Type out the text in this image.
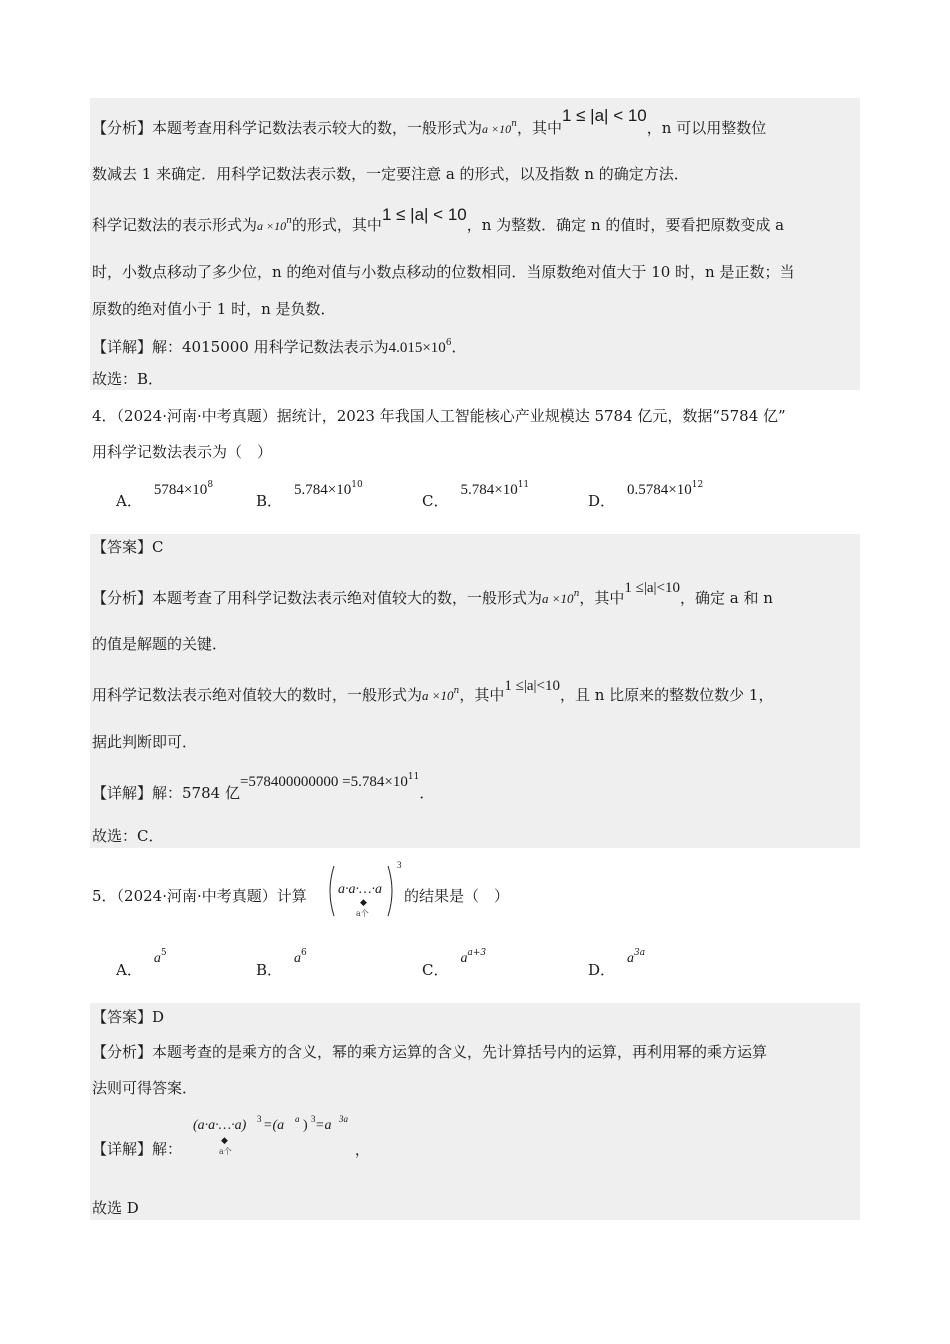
【分析】本题考查用科学记数法表示较大的数，一般形式为$a \times 10^n$，其中1 ≤ |a| < 10，n 可以用整数位
数减去 1 来确定．用科学记数法表示数，一定要注意 a 的形式，以及指数 n 的确定方法．
科学记数法的表示形式为$a \times 10^n$的形式，其中1 ≤ |a| < 10，n 为整数．确定 n 的值时，要看把原数变成 a
时，小数点移动了多少位，n 的绝对值与小数点移动的位数相同．当原数绝对值大于 10 时，n 是正数；当
原数的绝对值小于 1 时，n 是负数．
【详解】解：4015000 用科学记数法表示为$4.015\times 10^6$．
故选：B．
4．（2024·河南·中考真题）据统计，2023 年我国人工智能核心产业规模达 5784 亿元，数据“5784 亿”
用科学记数法表示为（　）
A．$5784\times 10^8$
B．$5.784\times 10^{10}$
C．$5.784\times 10^{11}$
D．$0.5784\times 10^{12}$
【答案】C
【分析】本题考查了用科学记数法表示绝对值较大的数，一般形式为$a \times 10^n$，其中1 ≤|a|<10，确定 a 和 n
的值是解题的关键．
用科学记数法表示绝对值较大的数时，一般形式为$a \times 10^n$，其中1 ≤|a|<10，且 n 比原来的整数位数少 1，
据此判断即可．
【详解】解：5784 亿$=578400000000 =5.784\times 10^{11}$．
故选：C．
5．（2024·河南·中考真题）计算	a·a·…·a
◆
a个
3
的结果是（　）
A．$a^5$
B．$a^6$
C．$a^{a+3}$
D．$a^{3a}$
【答案】D
【分析】本题考查的是乘方的含义，幂的乘方运算的含义，先计算括号内的运算，再利用幂的乘方运算
法则可得答案．
【详解】解：
(a·a·…·a) 3 =(a a ) 3 =a 3a
◆
a个	，
故选 D
